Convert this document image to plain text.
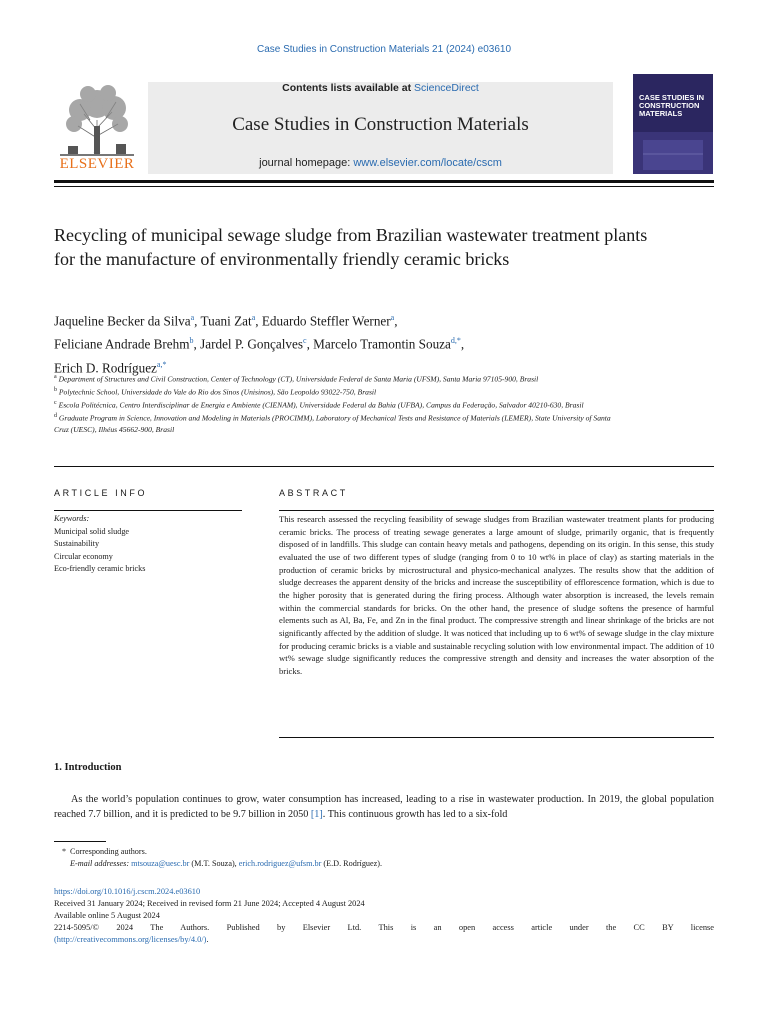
Case Studies in Construction Materials 21 (2024) e03610
ELSEVIER
Contents lists available at ScienceDirect
Case Studies in Construction Materials
journal homepage: www.elsevier.com/locate/cscm
CASE STUDIES IN CONSTRUCTION MATERIALS
Recycling of municipal sewage sludge from Brazilian wastewater treatment plants for the manufacture of environmentally friendly ceramic bricks
Jaqueline Becker da Silva$^a$, Tuani Zat$^a$, Eduardo Steffler Werner$^a$,
Feliciane Andrade Brehm$^b$, Jardel P. Gonçalves$^c$, Marcelo Tramontin Souza$^{d,*}$,
Erich D. Rodríguez$^{a,*}$

$^a$ Department of Structures and Civil Construction, Center of Technology (CT), Universidade Federal de Santa Maria (UFSM), Santa Maria 97105-900, Brasil

$^b$ Polytechnic School, Universidade do Vale do Rio dos Sinos (Unisinos), São Leopoldo 93022-750, Brasil

$^c$ Escola Politécnica, Centro Interdisciplinar de Energia e Ambiente (CIENAM), Universidade Federal da Bahia (UFBA), Campus da Federação, Salvador 40210-630, Brasil

$^d$ Graduate Program in Science, Innovation and Modeling in Materials (PROCIMM), Laboratory of Mechanical Tests and Resistance of Materials (LEMER), State University of Santa Cruz (UESC), Ilhéus 45662-900, Brasil

ARTICLE INFO	ABSTRACT
Keywords:
Municipal solid sludge
Sustainability
Circular economy
Eco-friendly ceramic bricks
This research assessed the recycling feasibility of sewage sludges from Brazilian wastewater treatment plants for producing ceramic bricks. The process of treating sewage generates a large amount of sludge, primarily organic, that is frequently disposed of in landfills. This sludge can contain heavy metals and pathogens, depending on its origin. In this sense, this study evaluated the use of two different types of sludge (ranging from 0 to 10 wt% in place of clay) as starting materials in the production of ceramic bricks by microstructural and physico-mechanical analyzes. The results show that the addition of sludge decreases the apparent density of the bricks and increase the susceptibility of efflorescence formation, which is due to the higher porosity that is generated during the firing process. Although water absorption is increased, the levels remain within the commercial standards for bricks. On the other hand, the presence of sludge softens the presence of harmful elements such as Al, Ba, Fe, and Zn in the final product. The compressive strength and linear shrinkage of the bricks are not significantly affected by the addition of sludge. It was noticed that including up to 6 wt% of sewage sludge in the clay mixture for producing ceramic bricks is a viable and sustainable recycling solution with low environmental impact. The addition of 10 wt% sewage sludge significantly reduces the compressive strength and density and increases the water absorption of the bricks.
1. Introduction
As the world’s population continues to grow, water consumption has increased, leading to a rise in wastewater production. In 2019, the global population reached 7.7 billion, and it is predicted to be 9.7 billion in 2050 [1]. This continuous growth has led to a six-fold
* Corresponding authors.
E-mail addresses: mtsouza@uesc.br (M.T. Souza), erich.rodriguez@ufsm.br (E.D. Rodríguez).
https://doi.org/10.1016/j.cscm.2024.e03610
Received 31 January 2024; Received in revised form 21 June 2024; Accepted 4 August 2024
Available online 5 August 2024
2214-5095/© 2024 The Authors. Published by Elsevier Ltd. This is an open access article under the CC BY license
(http://creativecommons.org/licenses/by/4.0/).
